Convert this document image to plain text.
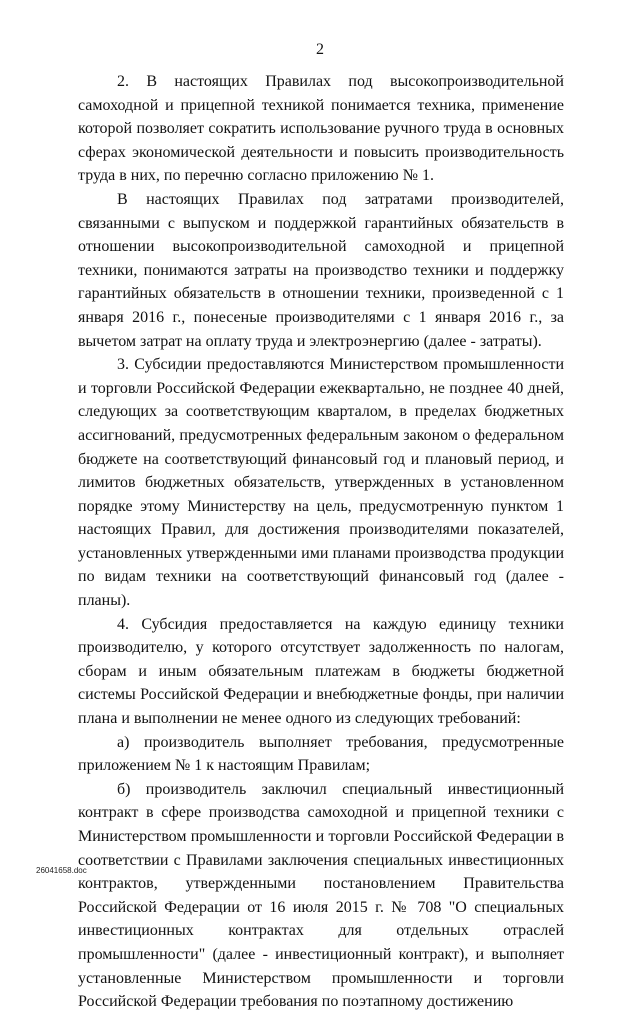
2

2. В настоящих Правилах под высокопроизводительной самоходной и прицепной техникой понимается техника, применение которой позволяет сократить использование ручного труда в основных сферах экономической деятельности и повысить производительность труда в них, по перечню согласно приложению № 1.

В настоящих Правилах под затратами производителей, связанными с выпуском и поддержкой гарантийных обязательств в отношении высокопроизводительной самоходной и прицепной техники, понимаются затраты на производство техники и поддержку гарантийных обязательств в отношении техники, произведенной с 1 января 2016 г., понесеные производителями с 1 января 2016 г., за вычетом затрат на оплату труда и электроэнергию (далее - затраты).

3. Субсидии предоставляются Министерством промышленности и торговли Российской Федерации ежеквартально, не позднее 40 дней, следующих за соответствующим кварталом, в пределах бюджетных ассигнований, предусмотренных федеральным законом о федеральном бюджете на соответствующий финансовый год и плановый период, и лимитов бюджетных обязательств, утвержденных в установленном порядке этому Министерству на цель, предусмотренную пунктом 1 настоящих Правил, для достижения производителями показателей, установленных утвержденными ими планами производства продукции по видам техники на соответствующий финансовый год (далее - планы).

4. Субсидия предоставляется на каждую единицу техники производителю, у которого отсутствует задолженность по налогам, сборам и иным обязательным платежам в бюджеты бюджетной системы Российской Федерации и внебюджетные фонды, при наличии плана и выполнении не менее одного из следующих требований:

а) производитель выполняет требования, предусмотренные приложением № 1 к настоящим Правилам;

б) производитель заключил специальный инвестиционный контракт в сфере производства самоходной и прицепной техники с Министерством промышленности и торговли Российской Федерации в соответствии с Правилами заключения специальных инвестиционных контрактов, утвержденными постановлением Правительства Российской Федерации от 16 июля 2015 г. № 708 "О специальных инвестиционных контрактах для отдельных отраслей промышленности" (далее - инвестиционный контракт), и выполняет установленные Министерством промышленности и торговли Российской Федерации требования по поэтапному достижению

26041658.doc
